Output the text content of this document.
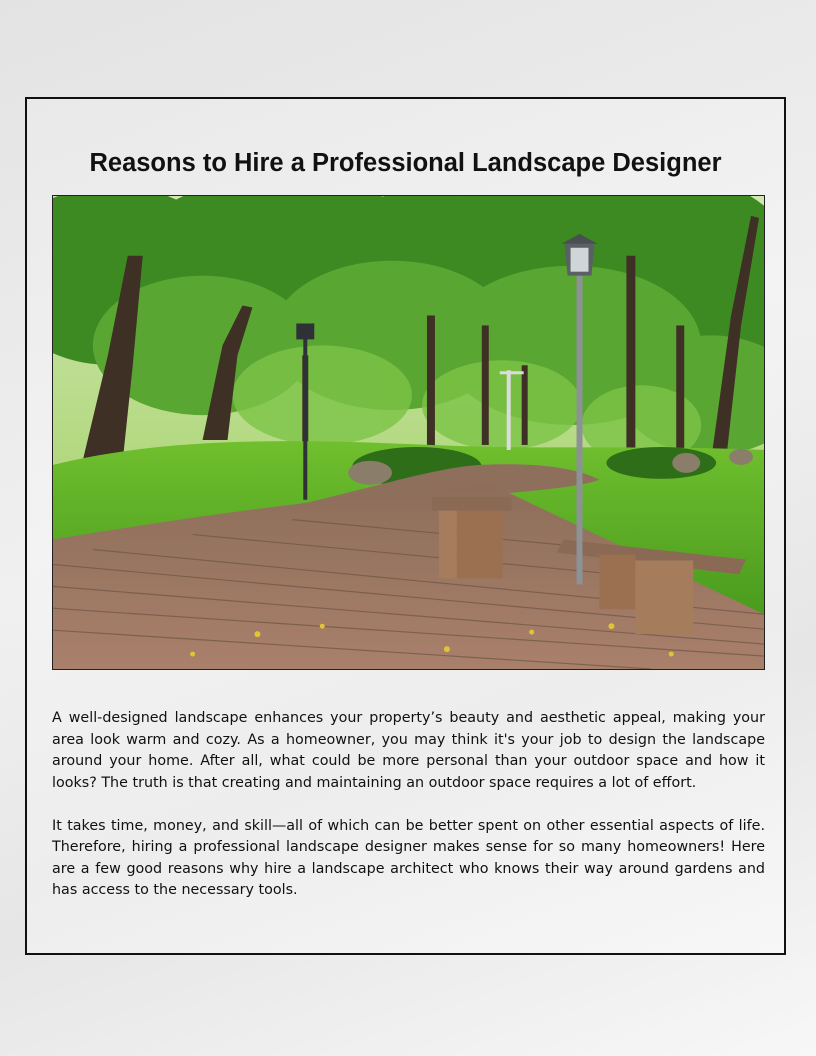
Reasons to Hire a Professional Landscape Designer

A well-designed landscape enhances your property’s beauty and aesthetic appeal, making your area look warm and cozy. As a homeowner, you may think it's your job to design the landscape around your home. After all, what could be more personal than your outdoor space and how it looks? The truth is that creating and maintaining an outdoor space requires a lot of effort.

It takes time, money, and skill—all of which can be better spent on other essential aspects of life. Therefore, hiring a professional landscape designer makes sense for so many homeowners! Here are a few good reasons why hire a landscape architect who knows their way around gardens and has access to the necessary tools.
